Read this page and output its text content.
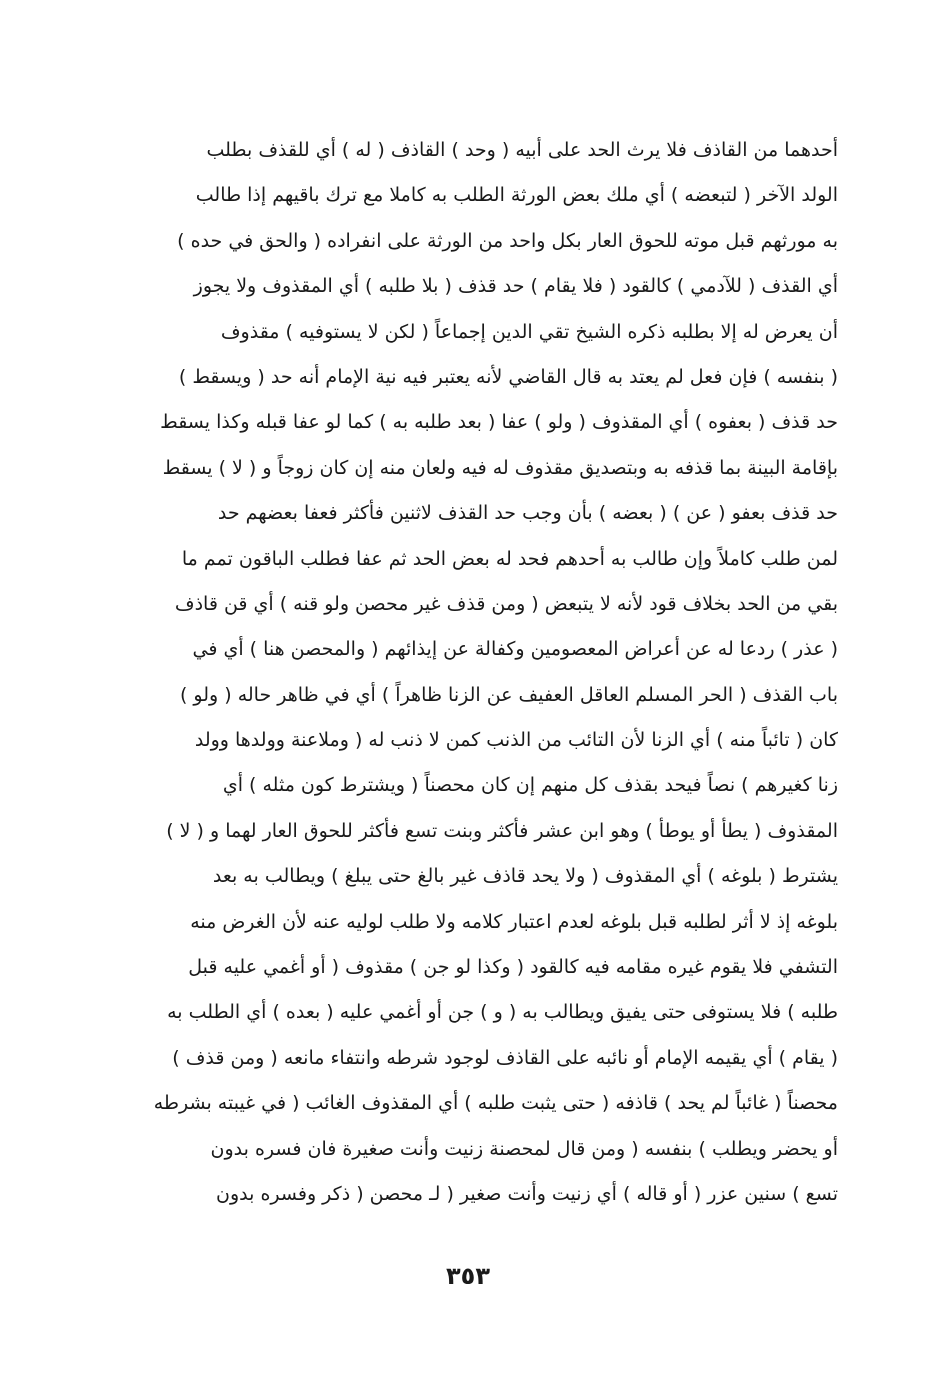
أحدهما من القاذف فلا يرث الحد على أبيه ( وحد ) القاذف ( له ) أي للقذف بطلب
الولد الآخر ( لتبعضه ) أي ملك بعض الورثة الطلب به كاملا مع ترك باقيهم إذا طالب
به مورثهم قبل موته للحوق العار بكل واحد من الورثة على انفراده ( والحق في حده )
أي القذف ( للآدمي ) كالقود ( فلا يقام ) حد قذف ( بلا طلبه ) أي المقذوف ولا يجوز
أن يعرض له إلا بطلبه ذكره الشيخ تقي الدين إجماعاً ( لكن لا يستوفيه ) مقذوف
( بنفسه ) فإن فعل لم يعتد به قال القاضي لأنه يعتبر فيه نية الإمام أنه حد ( ويسقط )
حد قذف ( بعفوه ) أي المقذوف ( ولو ) عفا ( بعد طلبه به ) كما لو عفا قبله وكذا يسقط
بإقامة البينة بما قذفه به وبتصديق مقذوف له فيه ولعان منه إن كان زوجاً و ( لا ) يسقط
حد قذف بعفو ( عن ) ( بعضه ) بأن وجب حد القذف لاثنين فأكثر فعفا بعضهم حد
لمن طلب كاملاً وإن طالب به أحدهم فحد له بعض الحد ثم عفا فطلب الباقون تمم ما
بقي من الحد بخلاف قود لأنه لا يتبعض ( ومن قذف غير محصن ولو قنه ) أي قن قاذف
( عذر ) ردعا له عن أعراض المعصومين وكفالة عن إيذائهم ( والمحصن هنا ) أي في
باب القذف ( الحر المسلم العاقل العفيف عن الزنا ظاهراً ) أي في ظاهر حاله ( ولو )
كان ( تائباً منه ) أي الزنا لأن التائب من الذنب كمن لا ذنب له ( وملاعنة وولدها وولد
زنا كغيرهم ) نصاً فيحد بقذف كل منهم إن كان محصناً ( ويشترط كون مثله ) أي
المقذوف ( يطأ أو يوطأ ) وهو ابن عشر فأكثر وبنت تسع فأكثر للحوق العار لهما و ( لا )
يشترط ( بلوغه ) أي المقذوف ( ولا يحد قاذف غير بالغ حتى يبلغ ) ويطالب به بعد
بلوغه إذ لا أثر لطلبه قبل بلوغه لعدم اعتبار كلامه ولا طلب لوليه عنه لأن الغرض منه
التشفي فلا يقوم غيره مقامه فيه كالقود ( وكذا لو جن ) مقذوف ( أو أغمي عليه قبل
طلبه ) فلا يستوفى حتى يفيق ويطالب به ( و ) جن أو أغمي عليه ( بعده ) أي الطلب به
( يقام ) أي يقيمه الإمام أو نائبه على القاذف لوجود شرطه وانتفاء مانعه ( ومن قذف )
محصناً ( غائباً لم يحد ) قاذفه ( حتى يثبت طلبه ) أي المقذوف الغائب ( في غيبته بشرطه
أو يحضر ويطلب ) بنفسه ( ومن قال لمحصنة زنيت وأنت صغيرة فان فسره بدون
تسع ) سنين عزر ( أو قاله ) أي زنيت وأنت صغير ( لـ محصن ( ذكر وفسره بدون
٣٥٣
